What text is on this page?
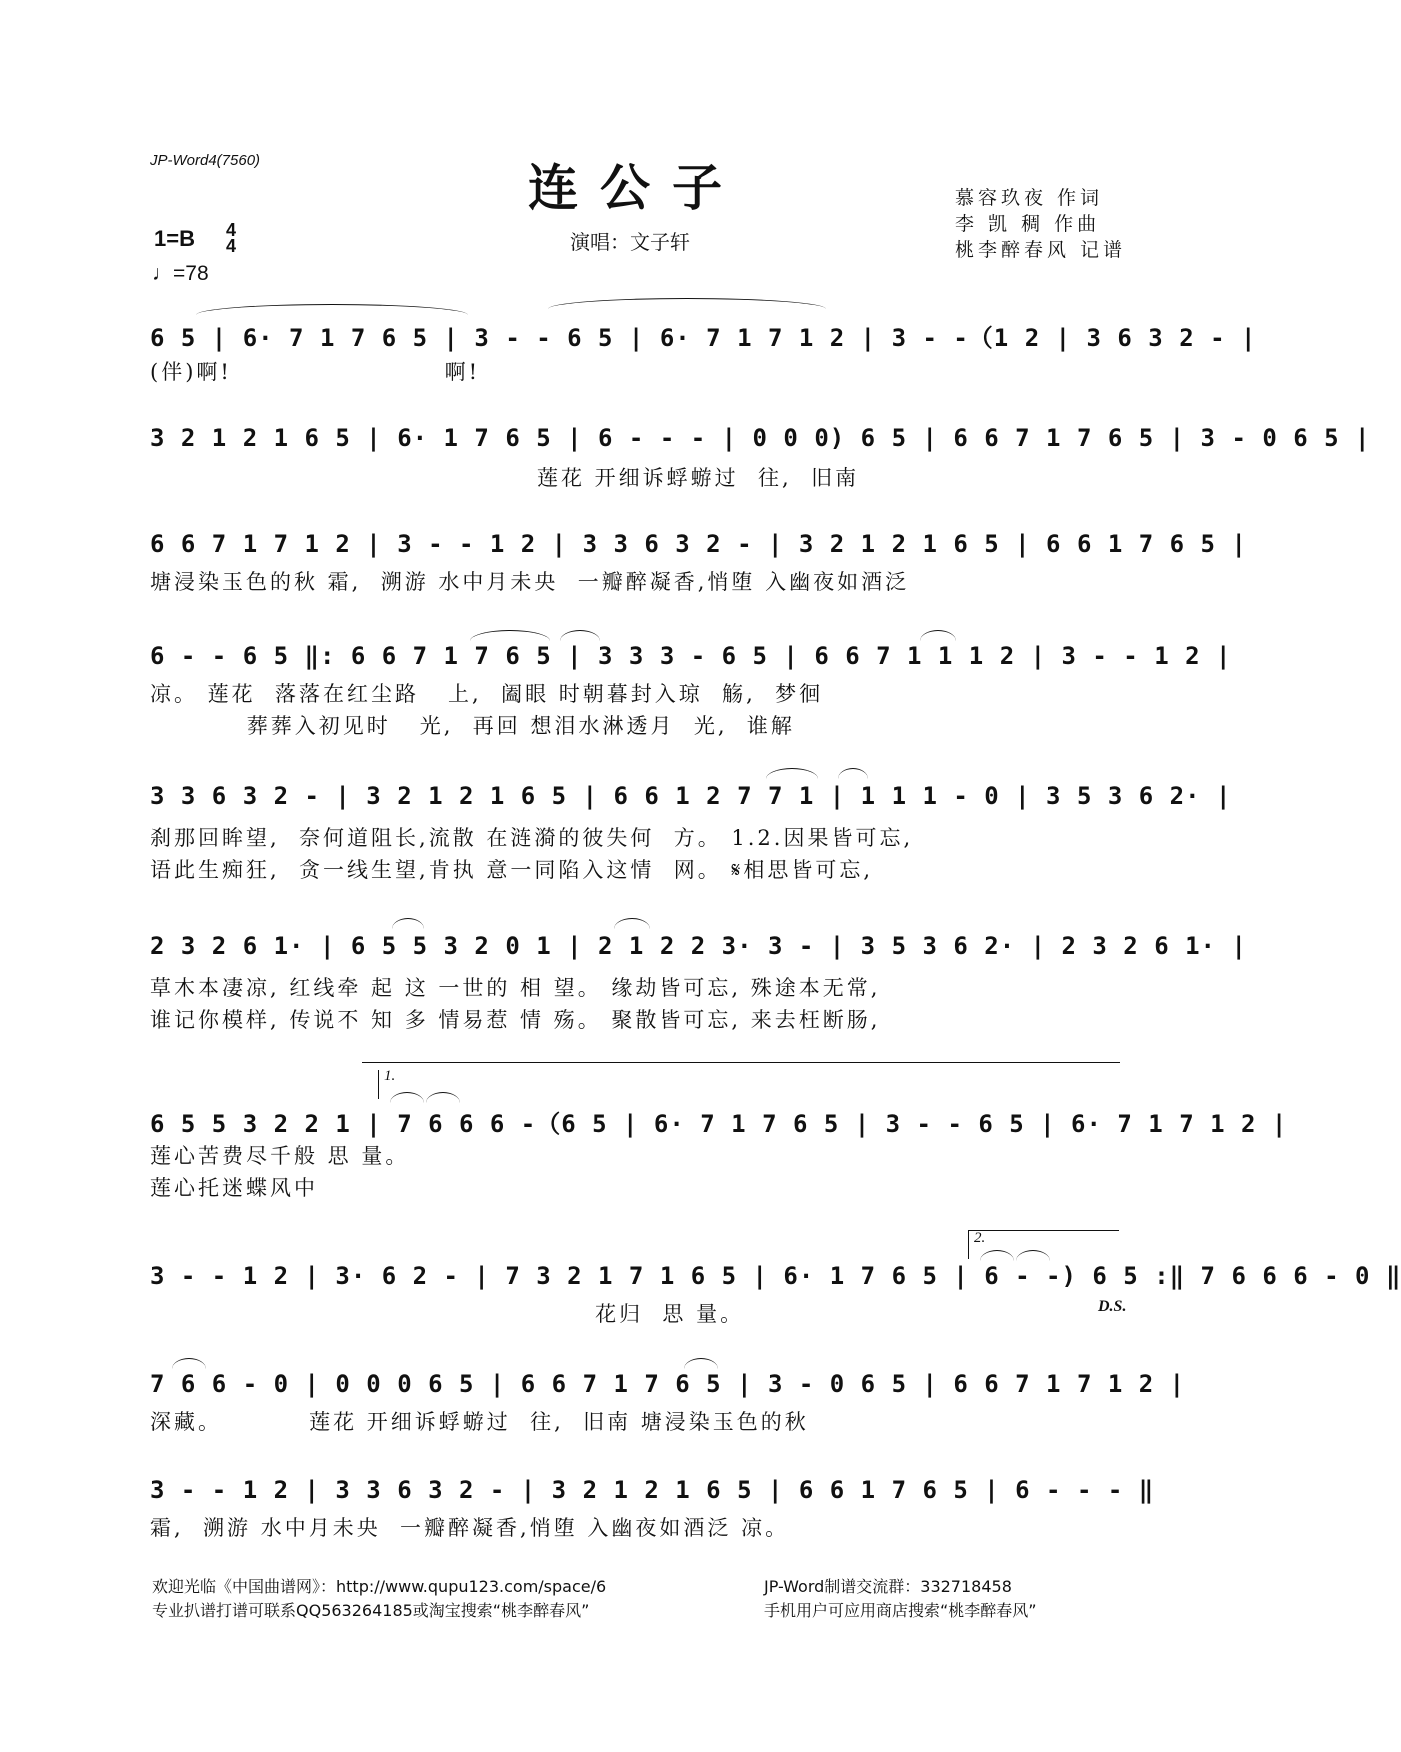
JP-Word4(7560)	连公子
演唱：文子轩
慕容玖夜 作词
李 凯 稠 作曲
桃李醉春风 记谱
1=B 4
4
♩=78
6 5 | 6· 7 1 7 6 5 | 3 - - 6 5 | 6· 7 1 7 1 2 | 3 - -（1 2 | 3 6 3 2 - |
(伴)啊!                      啊!
3 2 1 2 1 6 5 | 6· 1 7 6 5 | 6 - - - | 0 0 0) 6 5 | 6 6 7 1 7 6 5 | 3 - 0 6 5 |
莲花 开细诉蜉蝣过  往,  旧南
6 6 7 1 7 1 2 | 3 - - 1 2 | 3 3 6 3 2 - | 3 2 1 2 1 6 5 | 6 6 1 7 6 5 |
塘浸染玉色的秋 霜,  溯游 水中月未央  一瓣醉凝香,悄堕 入幽夜如酒泛
6 - - 6 5 ‖: 6 6 7 1 7 6 5 | 3 3 3 - 6 5 | 6 6 7 1 1 1 2 | 3 - - 1 2 |
凉。 莲花  落落在红尘路   上,  阖眼 时朝暮封入琼  觞,  梦徊
葬葬入初见时   光,  再回 想泪水淋透月  光,  谁解
3 3 6 3 2 - | 3 2 1 2 1 6 5 | 6 6 1 2 7 7 1 | 1 1 1 - 0 | 3 5 3 6 2· |
刹那回眸望,  奈何道阻长,流散 在涟漪的彼失何  方。 1.2.因果皆可忘,
语此生痴狂,  贪一线生望,肯执 意一同陷入这情  网。 𝄋相思皆可忘,
2 3 2 6 1· | 6 5 5 3 2 0 1 | 2 1 2 2 3· 3 - | 3 5 3 6 2· | 2 3 2 6 1· |
草木本凄凉, 红线牵 起 这 一世的 相 望。 缘劫皆可忘, 殊途本无常,
谁记你模样, 传说不 知 多 情易惹 情 殇。 聚散皆可忘, 来去枉断肠,
1.
6 5 5 3 2 2 1 | 7 6 6 6 -（6 5 | 6· 7 1 7 6 5 | 3 - - 6 5 | 6· 7 1 7 1 2 |
莲心苦费尽千般 思 量。
莲心托迷蝶风中
2.
3 - - 1 2 | 3· 6 2 - | 7 3 2 1 7 1 6 5 | 6· 1 7 6 5 | 6 - -) 6 5 :‖ 7 6 6 6 - 0 ‖
花归  思 量。	D.S.
7 6 6 - 0 | 0 0 0 6 5 | 6 6 7 1 7 6 5 | 3 - 0 6 5 | 6 6 7 1 7 1 2 |
深藏。         莲花 开细诉蜉蝣过  往,  旧南 塘浸染玉色的秋
3 - - 1 2 | 3 3 6 3 2 - | 3 2 1 2 1 6 5 | 6 6 1 7 6 5 | 6 - - - ‖
霜,  溯游 水中月未央  一瓣醉凝香,悄堕 入幽夜如酒泛 凉。
欢迎光临《中国曲谱网》：http://www.qupu123.com/space/6
专业扒谱打谱可联系QQ563264185或淘宝搜索“桃李醉春风”
JP-Word制谱交流群：332718458
手机用户可应用商店搜索“桃李醉春风”
